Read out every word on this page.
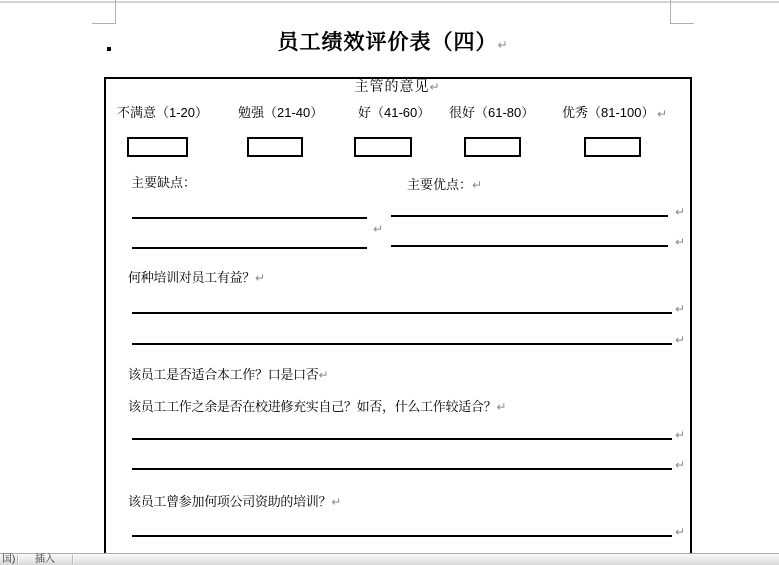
员工绩效评价表（四）↵
主管的意见↵
不满意（1-20） 勉强（21-40）	好（41-60） 很好（61-80） 优秀（81-100） ↵
主要缺点：	主要优点：↵
↵
↵
↵
何种培训对员工有益？↵
↵
↵
该员工是否适合本工作？口是口否↵
该员工工作之余是否在校进修充实自己？如否，什么工作较适合？↵
↵
↵
该员工曾参加何项公司资助的培训？↵
↵
国) 插入
